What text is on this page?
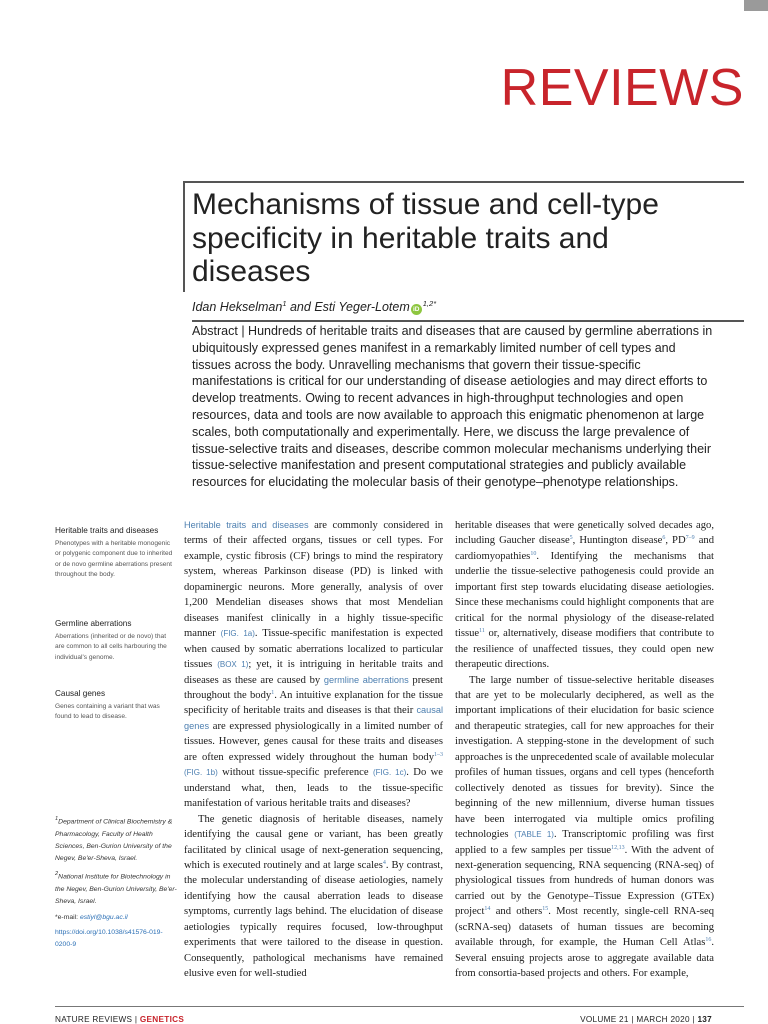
REVIEWS
Mechanisms of tissue and cell-type specificity in heritable traits and diseases
Idan Hekselman$^1$ and Esti Yeger-Lotem $iD^{1,2*}$
Abstract | Hundreds of heritable traits and diseases that are caused by germline aberrations in ubiquitously expressed genes manifest in a remarkably limited number of cell types and tissues across the body. Unravelling mechanisms that govern their tissue-specific manifestations is critical for our understanding of disease aetiologies and may direct efforts to develop treatments. Owing to recent advances in high-throughput technologies and open resources, data and tools are now available to approach this enigmatic phenomenon at large scales, both computationally and experimentally. Here, we discuss the large prevalence of tissue-selective traits and diseases, describe common molecular mechanisms underlying their tissue-selective manifestation and present computational strategies and publicly available resources for elucidating the molecular basis of their genotype–phenotype relationships.
Heritable traits and diseases
Phenotypes with a heritable monogenic or polygenic component due to inherited or de novo germline aberrations present throughout the body.
Germline aberrations
Aberrations (inherited or de novo) that are common to all cells harbouring the individual's genome.
Causal genes
Genes containing a variant that was found to lead to disease.

$^1$Department of Clinical Biochemistry & Pharmacology, Faculty of Health Sciences, Ben-Gurion University of the Negev, Be'er-Sheva, Israel.

$^2$National Institute for Biotechnology in the Negev, Ben-Gurion University, Be'er-Sheva, Israel.

*e-mail: estiyl@bgu.ac.il

https://doi.org/10.1038/s41576-019-0200-9

Heritable traits and diseases are commonly considered in terms of their affected organs, tissues or cell types. For example, cystic fibrosis (CF) brings to mind the respiratory system, whereas Parkinson disease (PD) is linked with dopaminergic neurons. More generally, analysis of over 1,200 Mendelian diseases shows that most Mendelian diseases manifest clinically in a highly tissue-specific manner (FIG. 1a). Tissue-specific manifestation is expected when caused by somatic aberrations localized to particular tissues (BOX 1); yet, it is intriguing in heritable traits and diseases as these are caused by germline aberrations present throughout the body$^1$. An intuitive explanation for the tissue specificity of heritable traits and diseases is that their causal genes are expressed physiologically in a limited number of tissues. However, genes causal for these traits and diseases are often expressed widely throughout the human body$^{1-3}$ (FIG. 1b) without tissue-specific preference (FIG. 1c). Do we understand what, then, leads to the tissue-specific manifestation of various heritable traits and diseases?

The genetic diagnosis of heritable diseases, namely identifying the causal gene or variant, has been greatly facilitated by clinical usage of next-generation sequencing, which is executed routinely and at large scales$^4$. By contrast, the molecular understanding of disease aetiologies, namely identifying how the causal aberration leads to disease symptoms, currently lags behind. The elucidation of disease aetiologies typically requires focused, low-throughput experiments that were tailored to the disease in question. Consequently, pathological mechanisms have remained elusive even for well-studied

heritable diseases that were genetically solved decades ago, including Gaucher disease$^5$, Huntington disease$^6$, PD$^{7-9}$ and cardiomyopathies$^{10}$. Identifying the mechanisms that underlie the tissue-selective pathogenesis could provide an important first step towards elucidating disease aetiologies. Since these mechanisms could highlight components that are critical for the normal physiology of the disease-related tissue$^{11}$ or, alternatively, disease modifiers that contribute to the resilience of unaffected tissues, they could open new therapeutic directions.

The large number of tissue-selective heritable diseases that are yet to be molecularly deciphered, as well as the important implications of their elucidation for basic science and therapeutic strategies, call for new approaches for their investigation. A stepping-stone in the development of such approaches is the unprecedented scale of available molecular profiles of human tissues, organs and cell types (henceforth collectively denoted as tissues for brevity). Since the beginning of the new millennium, diverse human tissues have been interrogated via multiple omics profiling technologies (TABLE 1). Transcriptomic profiling was first applied to a few samples per tissue$^{12,13}$. With the advent of next-generation sequencing, RNA sequencing (RNA-seq) of physiological tissues from hundreds of human donors was carried out by the Genotype–Tissue Expression (GTEx) project$^{14}$ and others$^{15}$. Most recently, single-cell RNA-seq (scRNA-seq) datasets of human tissues are becoming available through, for example, the Human Cell Atlas$^{16}$. Several ensuing projects arose to aggregate available data from consortia-based projects and others. For example,

NATURE REVIEWS | GENETICS	VOLUME 21 | MARCH 2020 | 137
